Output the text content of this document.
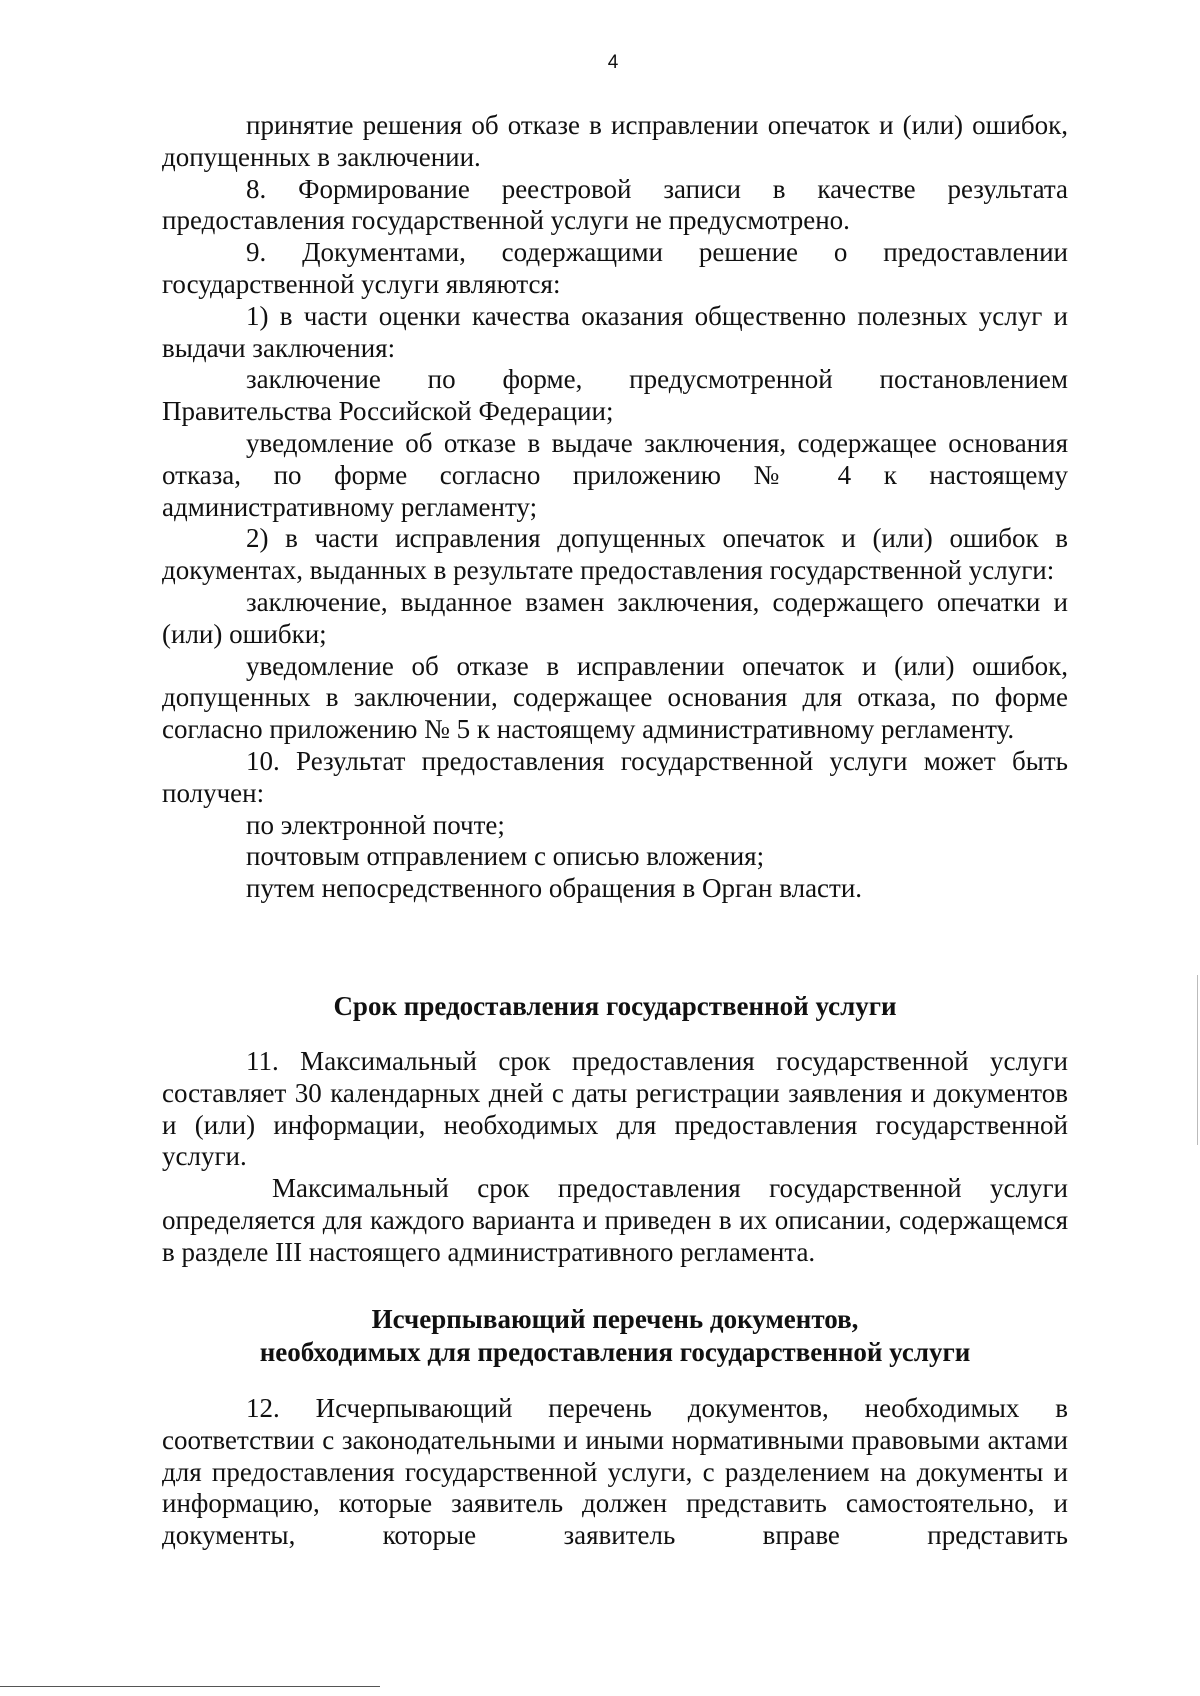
4

принятие решения об отказе в исправлении опечаток и (или) ошибок, допущенных в заключении.

8. Формирование реестровой записи в качестве результата предоставления государственной услуги не предусмотрено.

9. Документами, содержащими решение о предоставлении государственной услуги являются:

1) в части оценки качества оказания общественно полезных услуг и выдачи заключения:

заключение по форме, предусмотренной постановлением Правительства Российской Федерации;

уведомление об отказе в выдаче заключения, содержащее основания отказа, по форме согласно приложению № 4 к настоящему административному регламенту;

2) в части исправления допущенных опечаток и (или) ошибок в документах, выданных в результате предоставления государственной услуги:

заключение, выданное взамен заключения, содержащего опечатки и (или) ошибки;

уведомление об отказе в исправлении опечаток и (или) ошибок, допущенных в заключении, содержащее основания для отказа, по форме согласно приложению № 5 к настоящему административному регламенту.

10. Результат предоставления государственной услуги может быть получен:

по электронной почте;

почтовым отправлением с описью вложения;

путем непосредственного обращения в Орган власти.

Срок предоставления государственной услуги

11. Максимальный срок предоставления государственной услуги составляет 30 календарных дней с даты регистрации заявления и документов и (или) информации, необходимых для предоставления государственной услуги.

Максимальный срок предоставления государственной услуги определяется для каждого варианта и приведен в их описании, содержащемся в разделе III настоящего административного регламента.

Исчерпывающий перечень документов,
необходимых для предоставления государственной услуги

12. Исчерпывающий перечень документов, необходимых в соответствии с законодательными и иными нормативными правовыми актами для предоставления государственной услуги, с разделением на документы и информацию, которые заявитель должен представить самостоятельно, и документы, которые заявитель вправе представить
